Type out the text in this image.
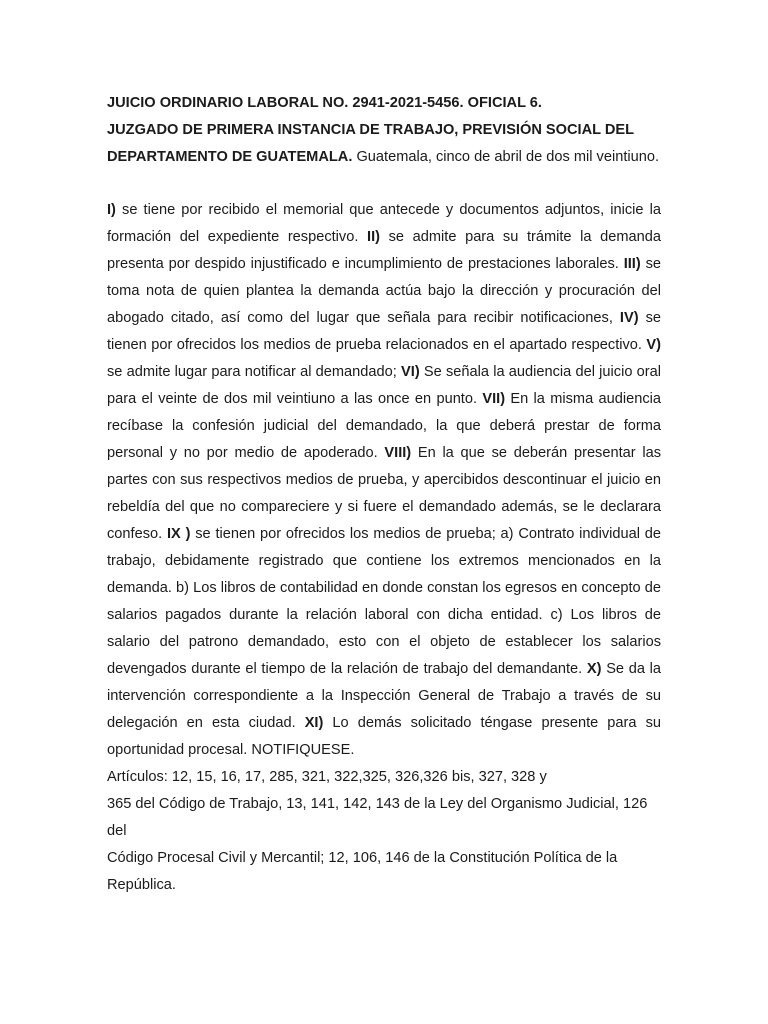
JUICIO ORDINARIO LABORAL NO. 2941-2021-5456. OFICIAL 6.
JUZGADO DE PRIMERA INSTANCIA DE TRABAJO, PREVISIÓN SOCIAL DEL DEPARTAMENTO DE GUATEMALA. Guatemala, cinco de abril de dos mil veintiuno.
I) se tiene por recibido el memorial que antecede y documentos adjuntos, inicie la formación del expediente respectivo. II) se admite para su trámite la demanda presenta por despido injustificado e incumplimiento de prestaciones laborales. III) se toma nota de quien plantea la demanda actúa bajo la dirección y procuración del abogado citado, así como del lugar que señala para recibir notificaciones, IV) se tienen por ofrecidos los medios de prueba relacionados en el apartado respectivo. V) se admite lugar para notificar al demandado; VI) Se señala la audiencia del juicio oral para el veinte de dos mil veintiuno a las once en punto. VII) En la misma audiencia recíbase la confesión judicial del demandado, la que deberá prestar de forma personal y no por medio de apoderado. VIII) En la que se deberán presentar las partes con sus respectivos medios de prueba, y apercibidos descontinuar el juicio en rebeldía del que no compareciere y si fuere el demandado además, se le declarara confeso. IX ) se tienen por ofrecidos los medios de prueba; a) Contrato individual de trabajo, debidamente registrado que contiene los extremos mencionados en la demanda. b) Los libros de contabilidad en donde constan los egresos en concepto de salarios pagados durante la relación laboral con dicha entidad. c) Los libros de salario del patrono demandado, esto con el objeto de establecer los salarios devengados durante el tiempo de la relación de trabajo del demandante. X) Se da la intervención correspondiente a la Inspección General de Trabajo a través de su delegación en esta ciudad. XI) Lo demás solicitado téngase presente para su oportunidad procesal. NOTIFIQUESE.
Artículos: 12, 15, 16, 17, 285, 321, 322,325, 326,326 bis, 327, 328 y
365 del Código de Trabajo, 13, 141, 142, 143 de la Ley del Organismo Judicial, 126 del
Código Procesal Civil y Mercantil; 12, 106, 146 de la Constitución Política de la República.
